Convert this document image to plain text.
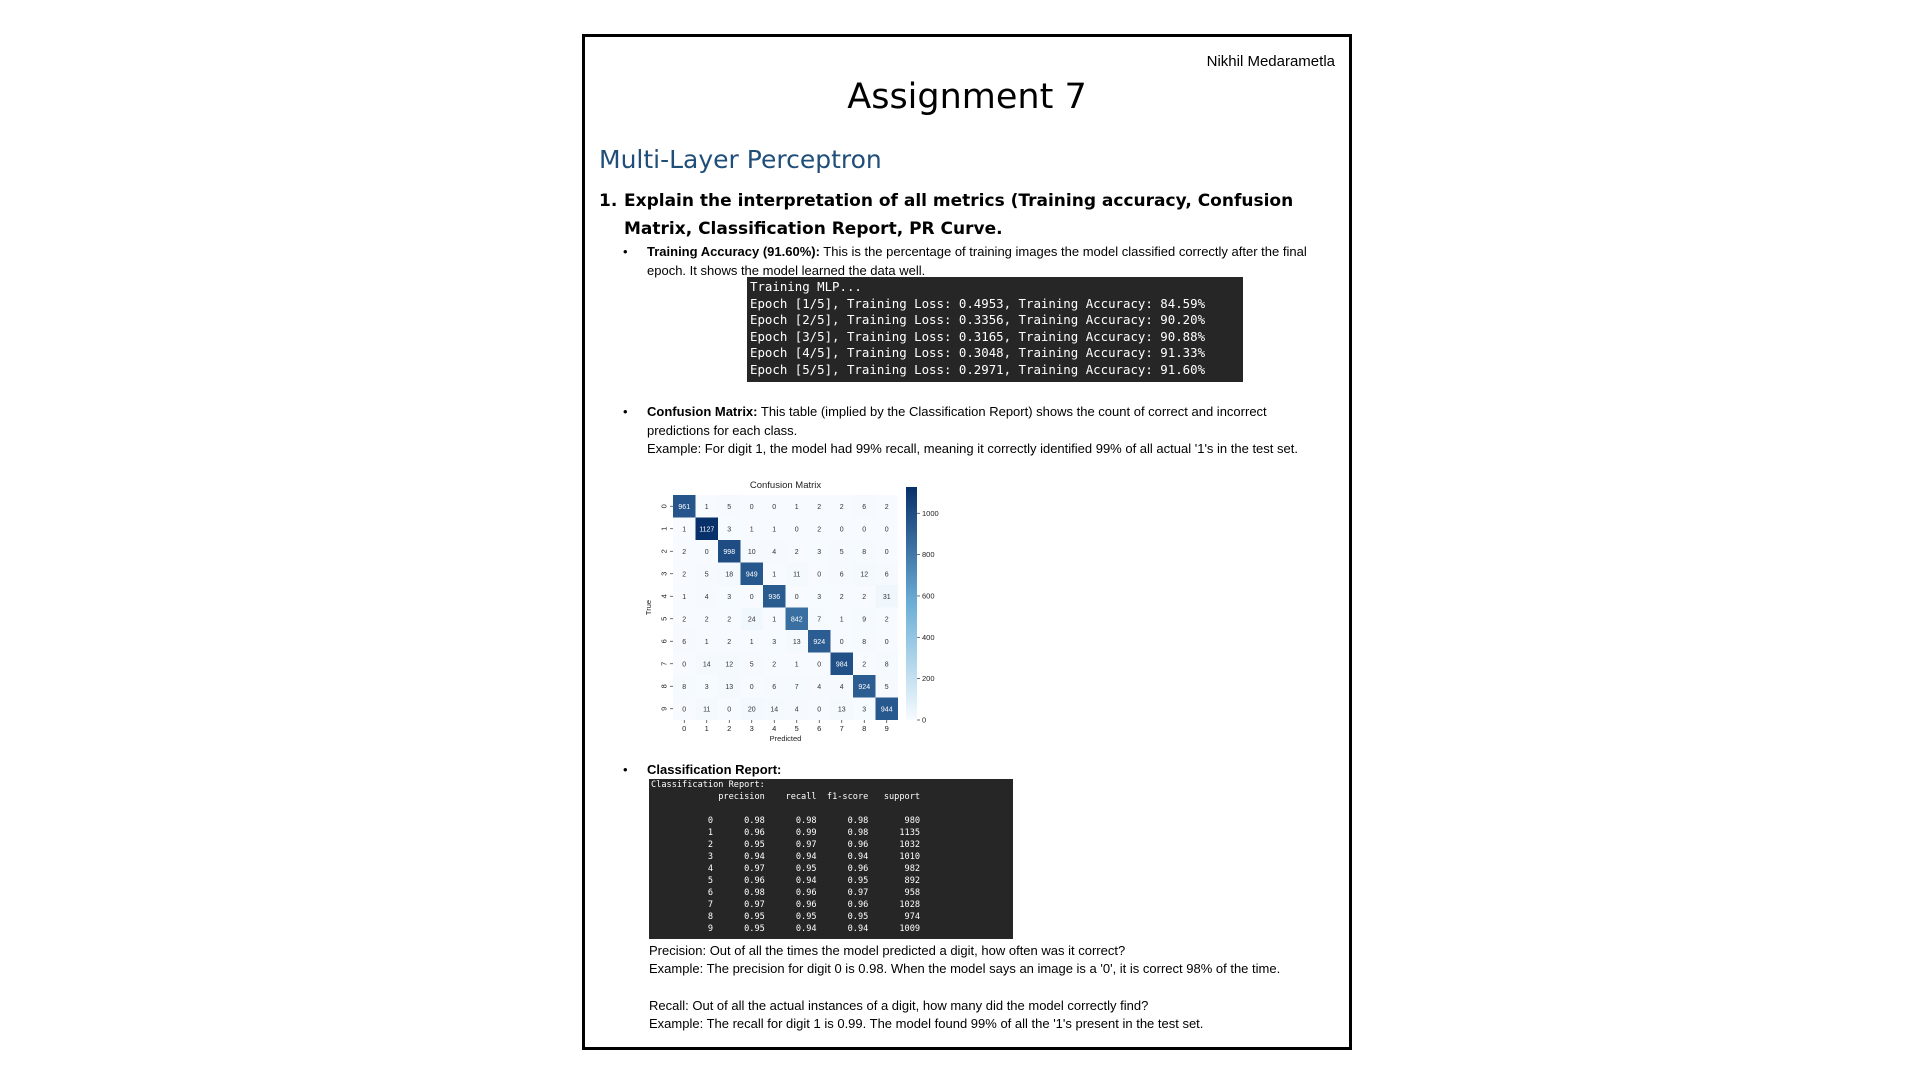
Nikhil Medarametla
Assignment 7
Multi-Layer Perceptron
1. Explain the interpretation of all metrics (Training accuracy, Confusion Matrix, Classification Report, PR Curve.
• Training Accuracy (91.60%): This is the percentage of training images the model classified correctly after the final epoch. It shows the model learned the data well.
Training MLP...
Epoch [1/5], Training Loss: 0.4953, Training Accuracy: 84.59%
Epoch [2/5], Training Loss: 0.3356, Training Accuracy: 90.20%
Epoch [3/5], Training Loss: 0.3165, Training Accuracy: 90.88%
Epoch [4/5], Training Loss: 0.3048, Training Accuracy: 91.33%
Epoch [5/5], Training Loss: 0.2971, Training Accuracy: 91.60%
• Confusion Matrix: This table (implied by the Classification Report) shows the count of correct and incorrect predictions for each class.
Example: For digit 1, the model had 99% recall, meaning it correctly identified 99% of all actual '1's in the test set.
Confusion Matrix
961 1	5	0	0	1	2	2	6	2
1 1127 3	1	1	0	2	0	0	0
2	0 998 10 4	2	3	5	8	0
2	5 18 949 1 11 0	6 12 6
1	4	3	0 936 0	3	2	2 31
2	2	2 24 1 842 7	1	9	2
6	1	2	1	3 13 924 0	8	0
0 14 12 5	2	1	0 984 2	8
8	3 13 0	6	7	4	4 924 5
0 11 0 20 14 4	0 13 3 944
0 1 2 3 4 5 6 7 8 9
0
1
2
3
4
5
6
7
8
9
Predicted
True
0
200
400
600
800
1000
• Classification Report:
Classification Report:
precision    recall  f1-score   support
0      0.98      0.98      0.98       980
1      0.96      0.99      0.98      1135
2      0.95      0.97      0.96      1032
3      0.94      0.94      0.94      1010
4      0.97      0.95      0.96       982
5      0.96      0.94      0.95       892
6      0.98      0.96      0.97       958
7      0.97      0.96      0.96      1028
8      0.95      0.95      0.95       974
9      0.95      0.94      0.94      1009
Precision: Out of all the times the model predicted a digit, how often was it correct?
Example: The precision for digit 0 is 0.98. When the model says an image is a '0', it is correct 98% of the time.
Recall: Out of all the actual instances of a digit, how many did the model correctly find?
Example: The recall for digit 1 is 0.99. The model found 99% of all the '1's present in the test set.
